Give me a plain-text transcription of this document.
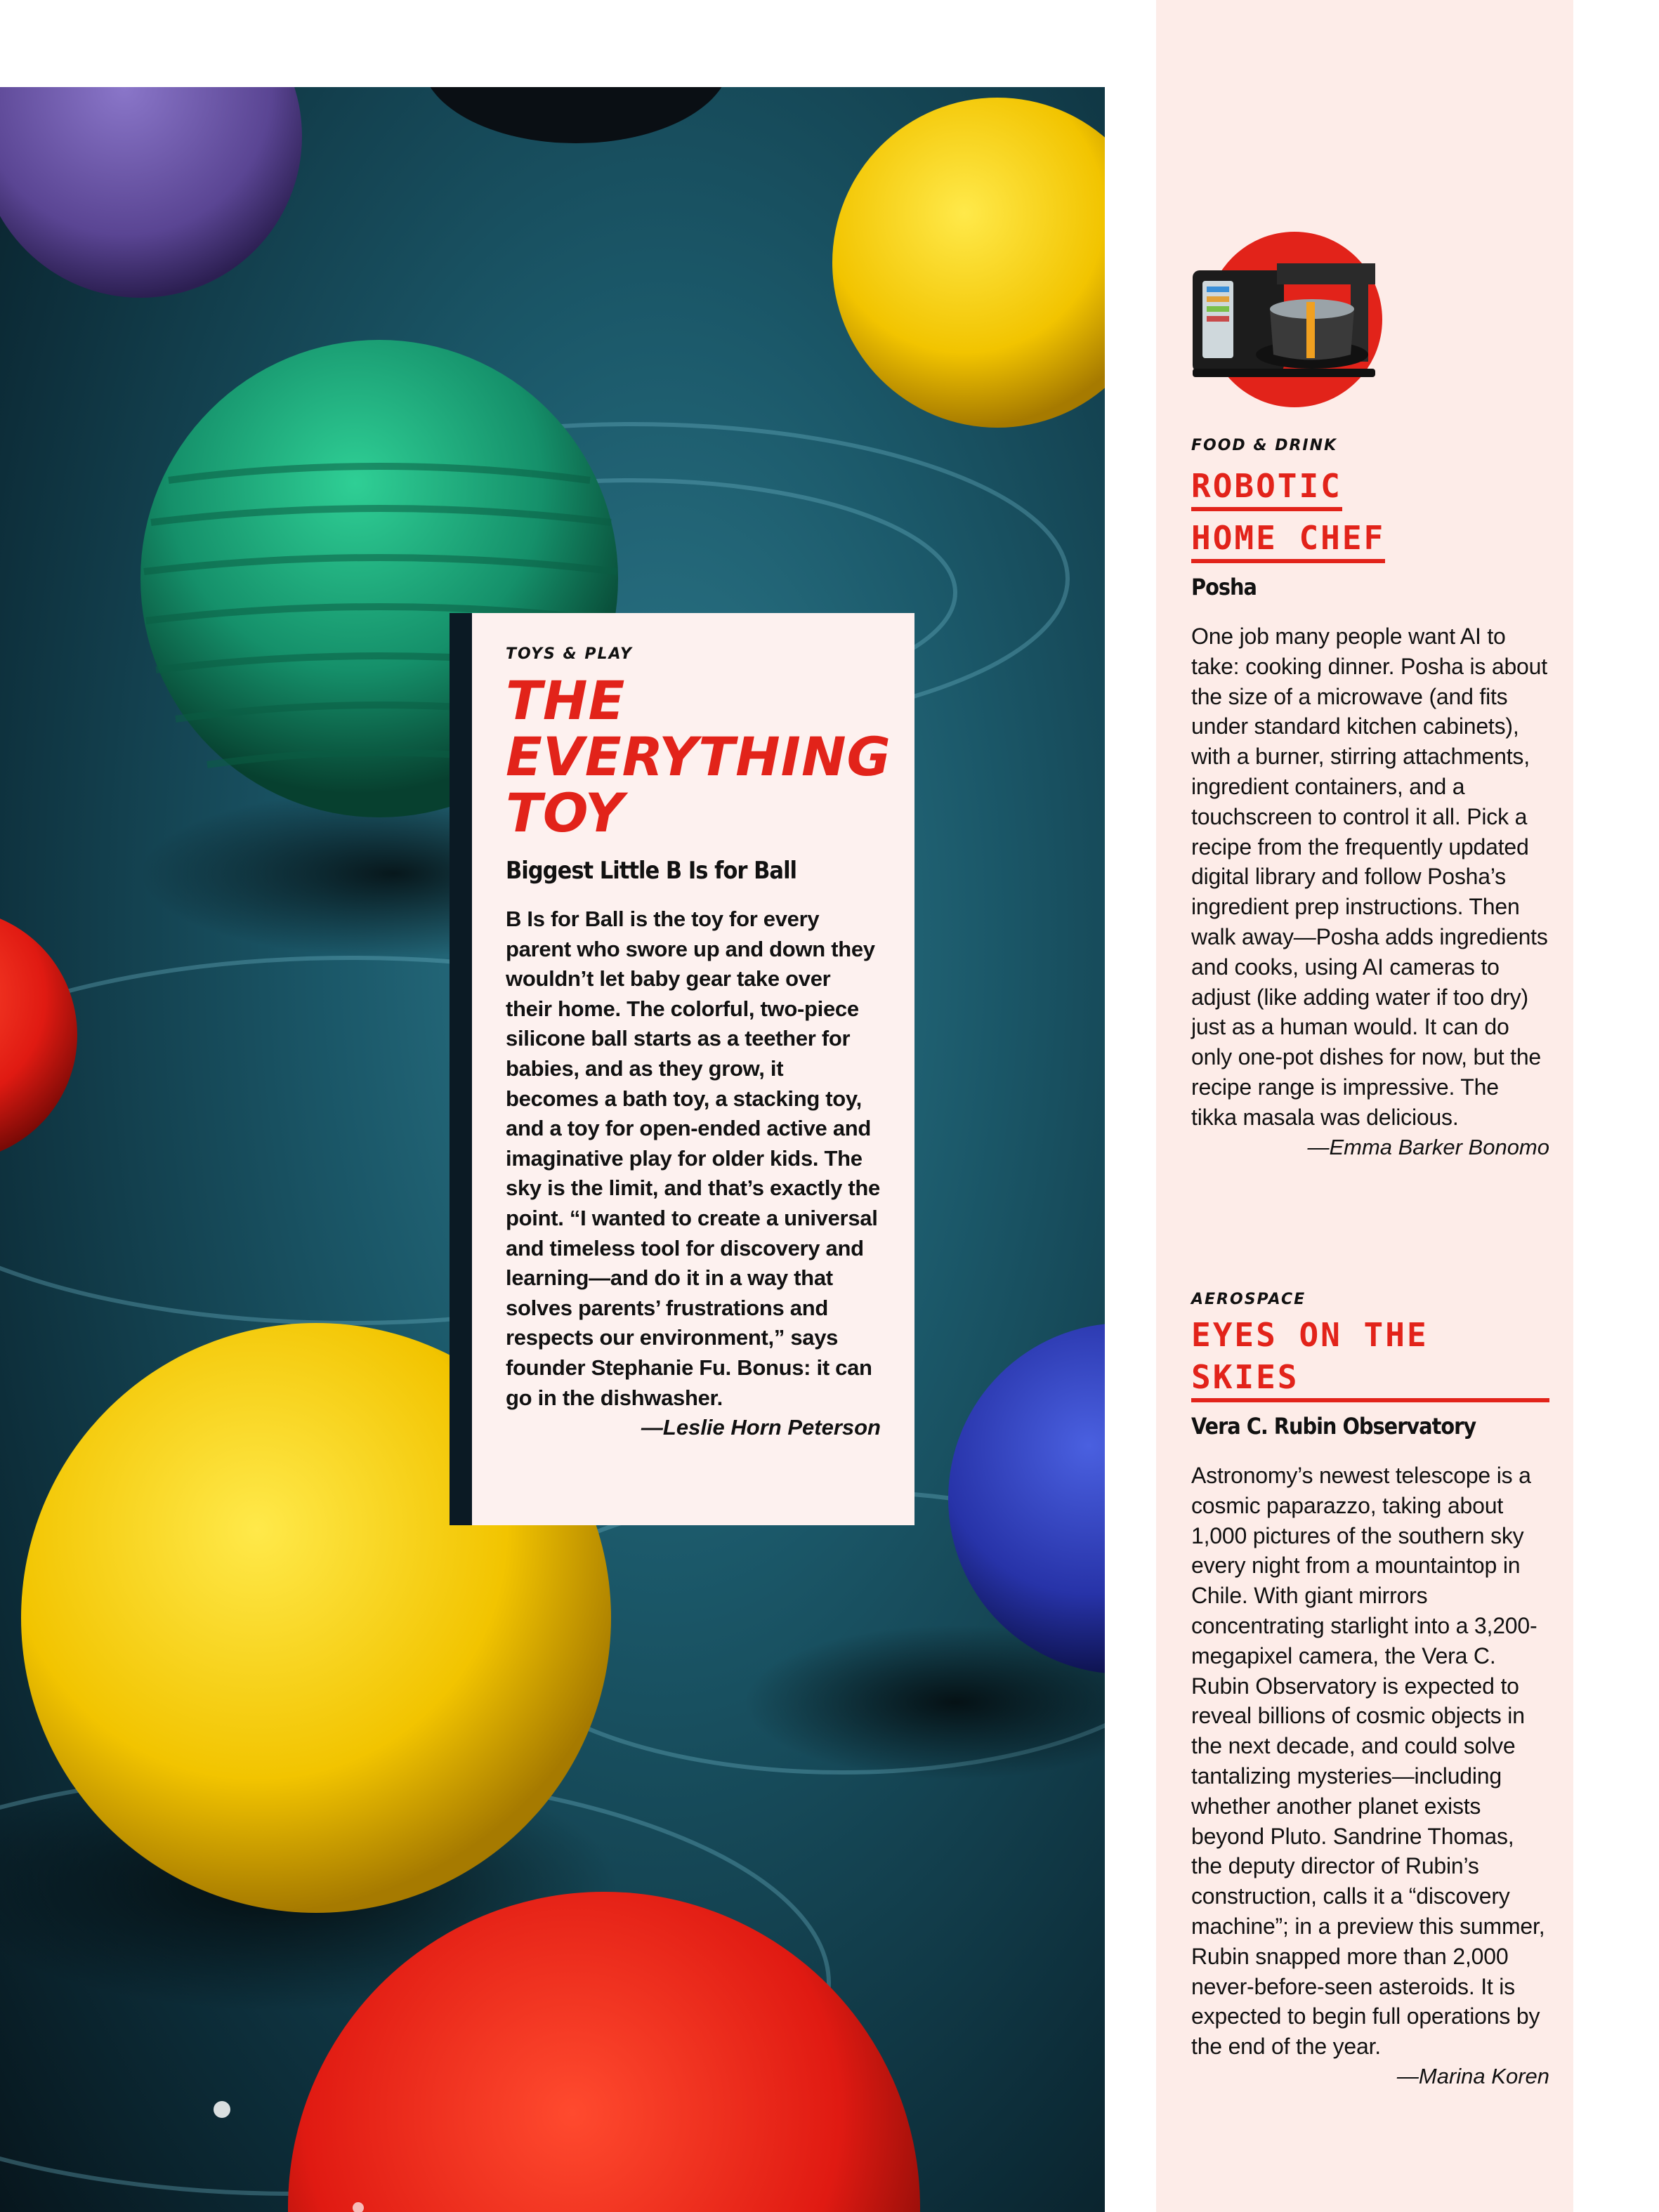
TOYS & PLAY

THE
EVERYTHING
TOY

Biggest Little B Is for Ball

B Is for Ball is the toy for every parent who swore up and down they wouldn’t let baby gear take over their home. The colorful, two-piece silicone ball starts as a teether for babies, and as they grow, it becomes a bath toy, a stacking toy, and a toy for open-ended active and imaginative play for older kids. The sky is the limit, and that’s exactly the point. “I wanted to create a universal and timeless tool for discovery and learning—and do it in a way that solves parents’ frustrations and respects our environment,” says founder Stephanie Fu. Bonus: it can go in the dishwasher.

—Leslie Horn Peterson

FOOD & DRINK

ROBOTIC
HOME CHEF

Posha

One job many people want AI to take: cooking dinner. Posha is about the size of a microwave (and fits under standard kitchen cabinets), with a burner, stirring attachments, ingredient containers, and a touchscreen to control it all. Pick a recipe from the frequently updated digital library and follow Posha’s ingredient prep instructions. Then walk away—Posha adds ingredients and cooks, using AI cameras to adjust (like adding water if too dry) just as a human would. It can do only one-pot dishes for now, but the recipe range is impressive. The tikka masala was delicious.

—Emma Barker Bonomo

AEROSPACE

EYES ON THE SKIES

Vera C. Rubin Observatory

Astronomy’s newest telescope is a cosmic paparazzo, taking about 1,000 pictures of the southern sky every night from a mountaintop in Chile. With giant mirrors concentrating starlight into a 3,200-megapixel camera, the Vera C. Rubin Observatory is expected to reveal billions of cosmic objects in the next decade, and could solve tantalizing mysteries—including whether another planet exists beyond Pluto. Sandrine Thomas, the deputy director of Rubin’s construction, calls it a “discovery machine”; in a preview this summer, Rubin snapped more than 2,000 never-before-seen asteroids. It is expected to begin full operations by the end of the year.

—Marina Koren
